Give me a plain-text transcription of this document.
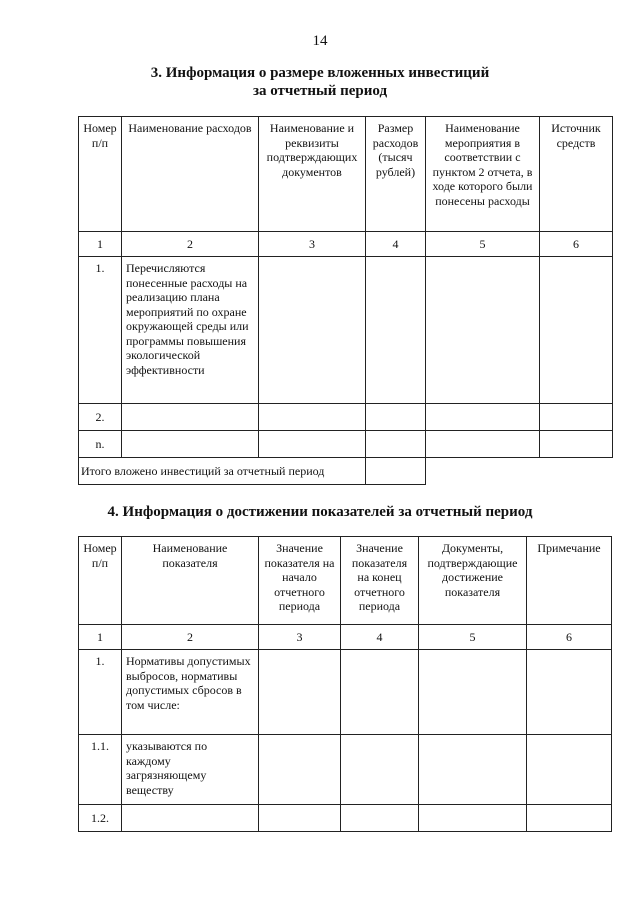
14
3. Информация о размере вложенных инвестиций
за отчетный период
Номер п/п	Наименование расходов	Наименование и реквизиты подтверждающих документов	Размер расходов (тысяч рублей)	Наименование мероприятия в соответствии с пунктом 2 отчета, в ходе которого были понесены расходы	Источник средств
1	2	3	4	5	6
1.	Перечисляются понесенные расходы на реализацию плана мероприятий по охране окружающей среды или программы повышения экологической эффективности				
2.					
n.					
Итого вложено инвестиций за отчетный период					
4. Информация о достижении показателей за отчетный период
Номер п/п	Наименование показателя	Значение показателя на начало отчетного периода	Значение показателя на конец отчетного периода	Документы, подтверждающие достижение показателя	Примечание
1	2	3	4	5	6
1.	Нормативы допустимых выбросов, нормативы допустимых сбросов в том числе:				
1.1.	указываются по каждому загрязняющему веществу				
1.2.					
